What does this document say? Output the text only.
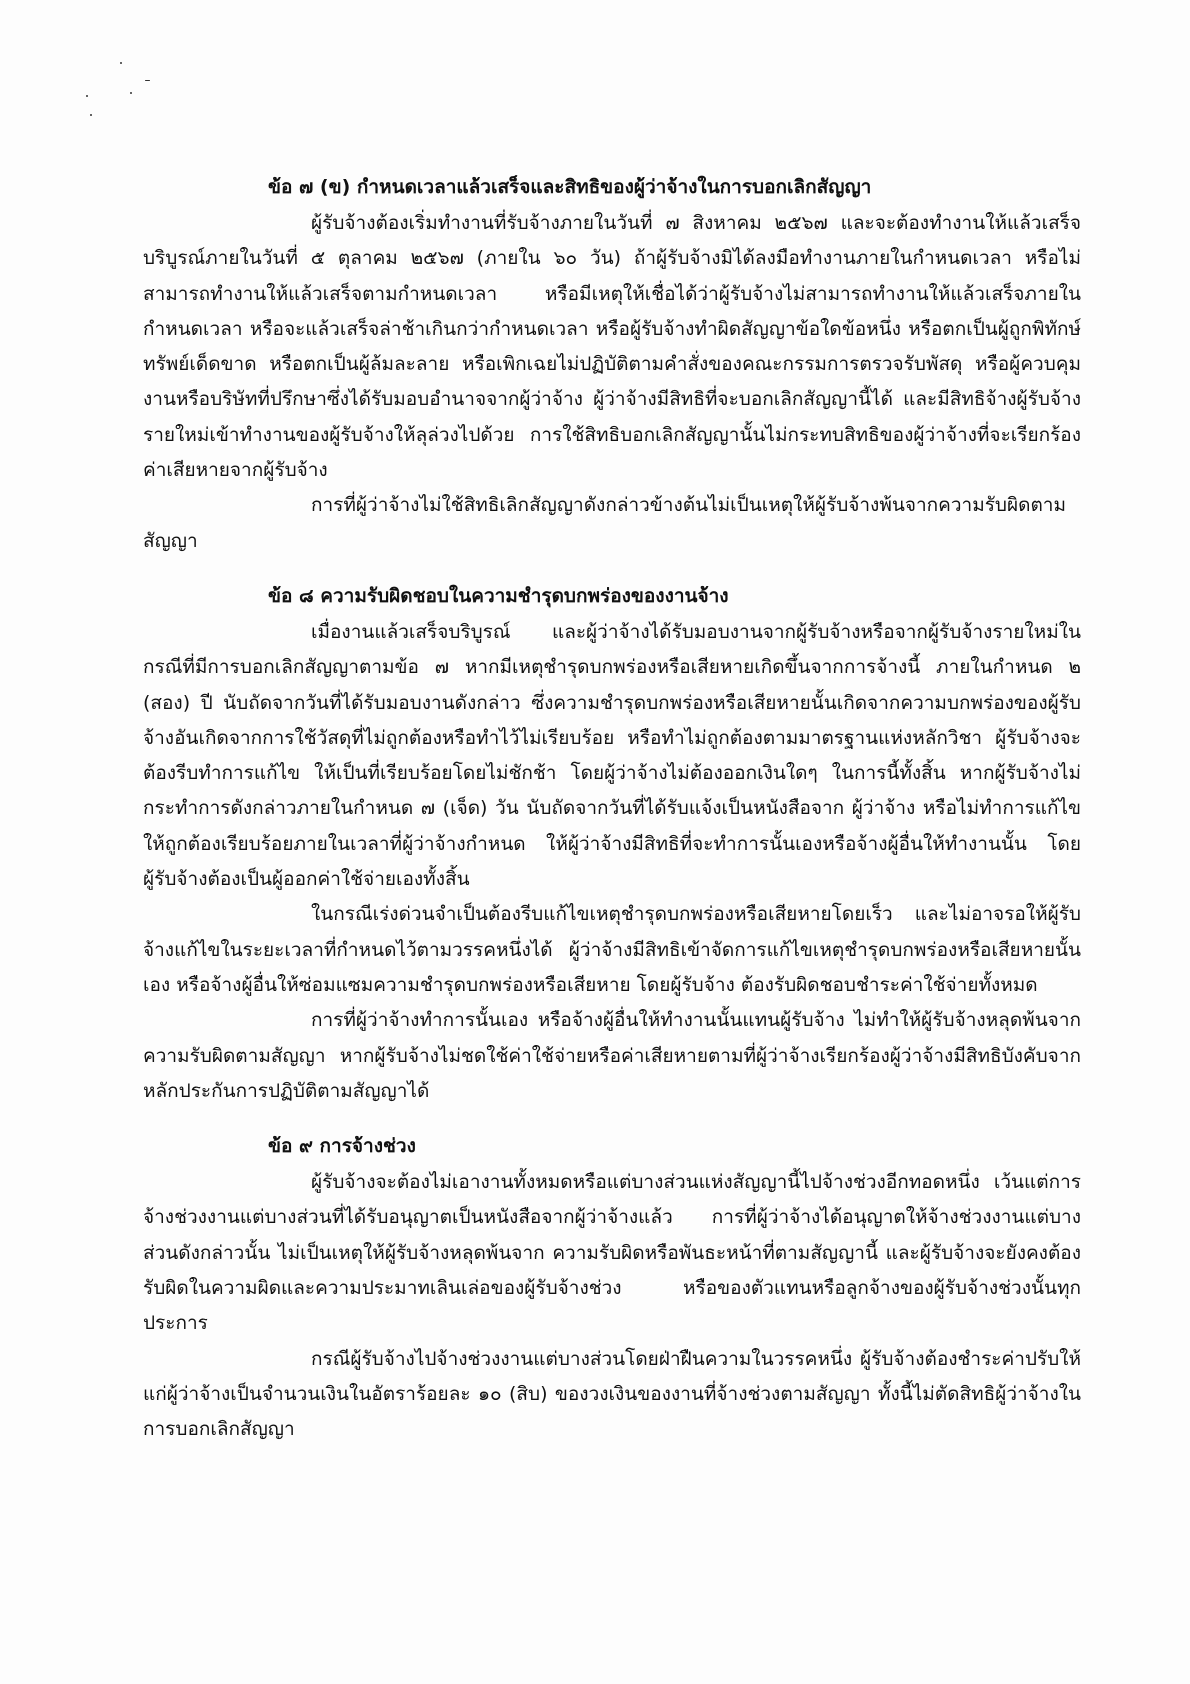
ข้อ ๗ (ข) กำหนดเวลาแล้วเสร็จและสิทธิของผู้ว่าจ้างในการบอกเลิกสัญญา

ผู้รับจ้างต้องเริ่มทำงานที่รับจ้างภายในวันที่ ๗ สิงหาคม ๒๕๖๗ และจะต้องทำงานให้แล้วเสร็จบริบูรณ์ภายในวันที่ ๕ ตุลาคม ๒๕๖๗ (ภายใน ๖๐ วัน) ถ้าผู้รับจ้างมิได้ลงมือทำงานภายในกำหนดเวลา หรือไม่สามารถทำงานให้แล้วเสร็จตามกำหนดเวลา หรือมีเหตุให้เชื่อได้ว่าผู้รับจ้างไม่สามารถทำงานให้แล้วเสร็จภายในกำหนดเวลา หรือจะแล้วเสร็จล่าช้าเกินกว่ากำหนดเวลา หรือผู้รับจ้างทำผิดสัญญาข้อใดข้อหนึ่ง หรือตกเป็นผู้ถูกพิทักษ์ทรัพย์เด็ดขาด หรือตกเป็นผู้ล้มละลาย หรือเพิกเฉยไม่ปฏิบัติตามคำสั่งของคณะกรรมการตรวจรับพัสดุ หรือผู้ควบคุมงานหรือบริษัทที่ปรึกษาซึ่งได้รับมอบอำนาจจากผู้ว่าจ้าง ผู้ว่าจ้างมีสิทธิที่จะบอกเลิกสัญญานี้ได้ และมีสิทธิจ้างผู้รับจ้างรายใหม่เข้าทำงานของผู้รับจ้างให้ลุล่วงไปด้วย การใช้สิทธิบอกเลิกสัญญานั้นไม่กระทบสิทธิของผู้ว่าจ้างที่จะเรียกร้องค่าเสียหายจากผู้รับจ้าง

การที่ผู้ว่าจ้างไม่ใช้สิทธิเลิกสัญญาดังกล่าวข้างต้นไม่เป็นเหตุให้ผู้รับจ้างพ้นจากความรับผิดตามสัญญา

ข้อ ๘ ความรับผิดชอบในความชำรุดบกพร่องของงานจ้าง

เมื่องานแล้วเสร็จบริบูรณ์ และผู้ว่าจ้างได้รับมอบงานจากผู้รับจ้างหรือจากผู้รับจ้างรายใหม่ในกรณีที่มีการบอกเลิกสัญญาตามข้อ ๗ หากมีเหตุชำรุดบกพร่องหรือเสียหายเกิดขึ้นจากการจ้างนี้ ภายในกำหนด ๒ (สอง) ปี นับถัดจากวันที่ได้รับมอบงานดังกล่าว ซึ่งความชำรุดบกพร่องหรือเสียหายนั้นเกิดจากความบกพร่องของผู้รับจ้างอันเกิดจากการใช้วัสดุที่ไม่ถูกต้องหรือทำไว้ไม่เรียบร้อย หรือทำไม่ถูกต้องตามมาตรฐานแห่งหลักวิชา ผู้รับจ้างจะต้องรีบทำการแก้ไข ให้เป็นที่เรียบร้อยโดยไม่ชักช้า โดยผู้ว่าจ้างไม่ต้องออกเงินใดๆ ในการนี้ทั้งสิ้น หากผู้รับจ้างไม่กระทำการดังกล่าวภายในกำหนด ๗ (เจ็ด) วัน นับถัดจากวันที่ได้รับแจ้งเป็นหนังสือจาก ผู้ว่าจ้าง หรือไม่ทำการแก้ไขให้ถูกต้องเรียบร้อยภายในเวลาที่ผู้ว่าจ้างกำหนด ให้ผู้ว่าจ้างมีสิทธิที่จะทำการนั้นเองหรือจ้างผู้อื่นให้ทำงานนั้น โดยผู้รับจ้างต้องเป็นผู้ออกค่าใช้จ่ายเองทั้งสิ้น

ในกรณีเร่งด่วนจำเป็นต้องรีบแก้ไขเหตุชำรุดบกพร่องหรือเสียหายโดยเร็ว และไม่อาจรอให้ผู้รับจ้างแก้ไขในระยะเวลาที่กำหนดไว้ตามวรรคหนึ่งได้ ผู้ว่าจ้างมีสิทธิเข้าจัดการแก้ไขเหตุชำรุดบกพร่องหรือเสียหายนั้นเอง หรือจ้างผู้อื่นให้ซ่อมแซมความชำรุดบกพร่องหรือเสียหาย โดยผู้รับจ้าง ต้องรับผิดชอบชำระค่าใช้จ่ายทั้งหมด

การที่ผู้ว่าจ้างทำการนั้นเอง หรือจ้างผู้อื่นให้ทำงานนั้นแทนผู้รับจ้าง ไม่ทำให้ผู้รับจ้างหลุดพ้นจากความรับผิดตามสัญญา หากผู้รับจ้างไม่ชดใช้ค่าใช้จ่ายหรือค่าเสียหายตามที่ผู้ว่าจ้างเรียกร้องผู้ว่าจ้างมีสิทธิบังคับจากหลักประกันการปฏิบัติตามสัญญาได้

ข้อ ๙ การจ้างช่วง

ผู้รับจ้างจะต้องไม่เอางานทั้งหมดหรือแต่บางส่วนแห่งสัญญานี้ไปจ้างช่วงอีกทอดหนึ่ง เว้นแต่การจ้างช่วงงานแต่บางส่วนที่ได้รับอนุญาตเป็นหนังสือจากผู้ว่าจ้างแล้ว การที่ผู้ว่าจ้างได้อนุญาตให้จ้างช่วงงานแต่บางส่วนดังกล่าวนั้น ไม่เป็นเหตุให้ผู้รับจ้างหลุดพ้นจาก ความรับผิดหรือพันธะหน้าที่ตามสัญญานี้ และผู้รับจ้างจะยังคงต้องรับผิดในความผิดและความประมาทเลินเล่อของผู้รับจ้างช่วง หรือของตัวแทนหรือลูกจ้างของผู้รับจ้างช่วงนั้นทุกประการ

กรณีผู้รับจ้างไปจ้างช่วงงานแต่บางส่วนโดยฝ่าฝืนความในวรรคหนึ่ง ผู้รับจ้างต้องชำระค่าปรับให้แก่ผู้ว่าจ้างเป็นจำนวนเงินในอัตราร้อยละ ๑๐ (สิบ) ของวงเงินของงานที่จ้างช่วงตามสัญญา ทั้งนี้ไม่ตัดสิทธิผู้ว่าจ้างในการบอกเลิกสัญญา
